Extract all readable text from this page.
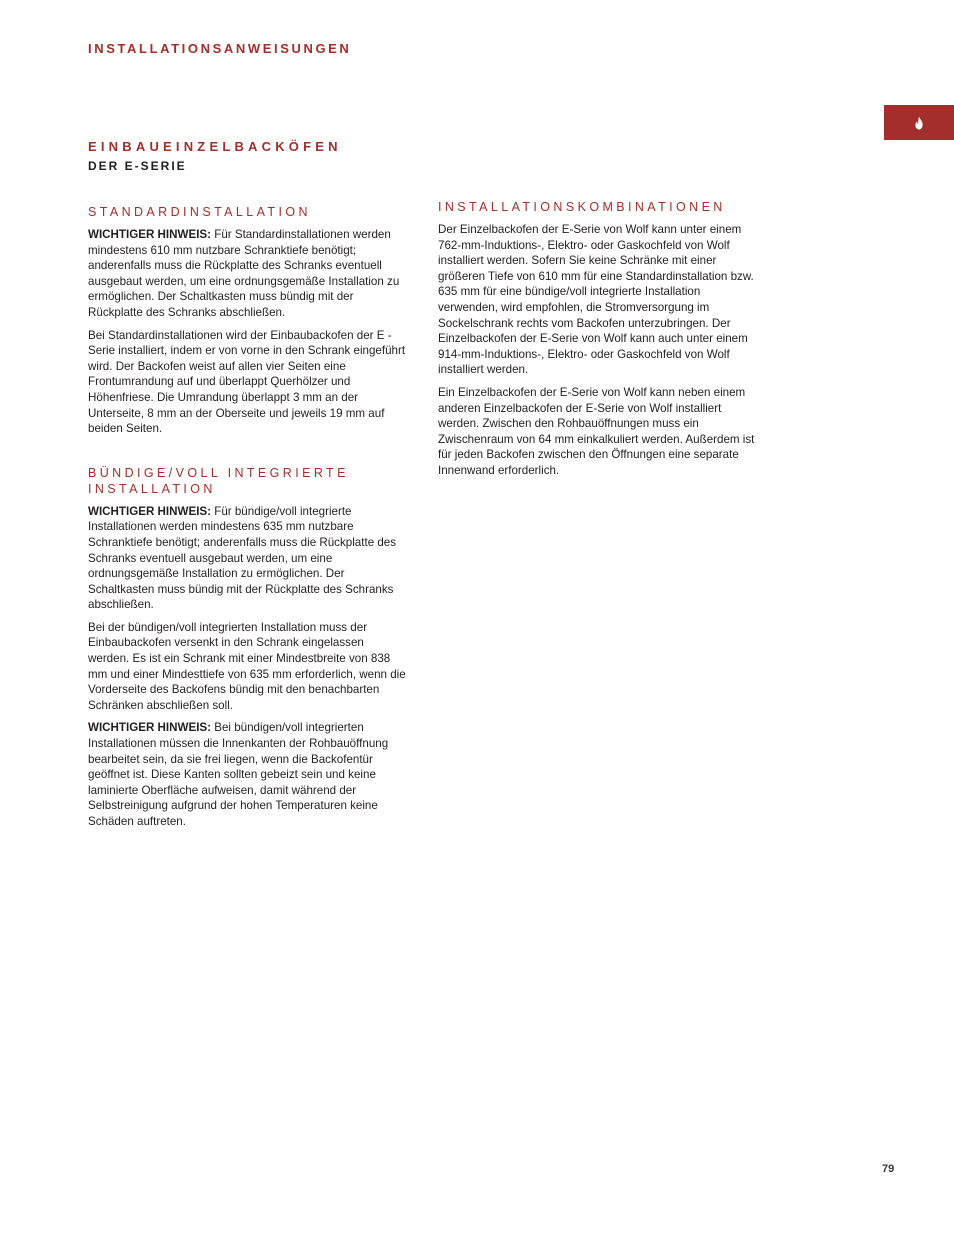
INSTALLATIONSANWEISUNGEN
EINBAUEINZELBACKÖFEN
DER E-SERIE
STANDARDINSTALLATION

WICHTIGER HINWEIS: Für Standardinstallationen werden mindestens 610 mm nutzbare Schranktiefe benötigt; anderenfalls muss die Rückplatte des Schranks eventuell ausgebaut werden, um eine ordnungsgemäße Installation zu ermöglichen. Der Schaltkasten muss bündig mit der Rückplatte des Schranks abschließen.

Bei Standardinstallationen wird der Einbaubackofen der E - Serie installiert, indem er von vorne in den Schrank eingeführt wird. Der Backofen weist auf allen vier Seiten eine Frontumrandung auf und überlappt Querhölzer und Höhenfriese. Die Umrandung überlappt 3 mm an der Unterseite, 8 mm an der Oberseite und jeweils 19 mm auf beiden Seiten.

BÜNDIGE/VOLL INTEGRIERTE INSTALLATION

WICHTIGER HINWEIS: Für bündige/voll integrierte Installationen werden mindestens 635 mm nutzbare Schranktiefe benötigt; anderenfalls muss die Rückplatte des Schranks eventuell ausgebaut werden, um eine ordnungsgemäße Installation zu ermöglichen. Der Schaltkasten muss bündig mit der Rückplatte des Schranks abschließen.

Bei der bündigen/voll integrierten Installation muss der Einbaubackofen versenkt in den Schrank eingelassen werden. Es ist ein Schrank mit einer Mindestbreite von 838 mm und einer Mindesttiefe von 635 mm erforderlich, wenn die Vorderseite des Backofens bündig mit den benachbarten Schränken abschließen soll.

WICHTIGER HINWEIS: Bei bündigen/voll integrierten Installationen müssen die Innenkanten der Rohbauöffnung bearbeitet sein, da sie frei liegen, wenn die Backofentür geöffnet ist. Diese Kanten sollten gebeizt sein und keine laminierte Oberfläche aufweisen, damit während der Selbstreinigung aufgrund der hohen Temperaturen keine Schäden auftreten.

INSTALLATIONSKOMBINATIONEN

Der Einzelbackofen der E-Serie von Wolf kann unter einem 762-mm-Induktions-, Elektro- oder Gaskochfeld von Wolf installiert werden. Sofern Sie keine Schränke mit einer größeren Tiefe von 610 mm für eine Standardinstallation bzw. 635 mm für eine bündige/voll integrierte Installation verwenden, wird empfohlen, die Stromversorgung im Sockelschrank rechts vom Backofen unterzubringen. Der Einzelbackofen der E-Serie von Wolf kann auch unter einem 914-mm-Induktions-, Elektro- oder Gaskochfeld von Wolf installiert werden.

Ein Einzelbackofen der E-Serie von Wolf kann neben einem anderen Einzelbackofen der E-Serie von Wolf installiert werden. Zwischen den Rohbauöffnungen muss ein Zwischenraum von 64 mm einkalkuliert werden. Außerdem ist für jeden Backofen zwischen den Öffnungen eine separate Innenwand erforderlich.

79
